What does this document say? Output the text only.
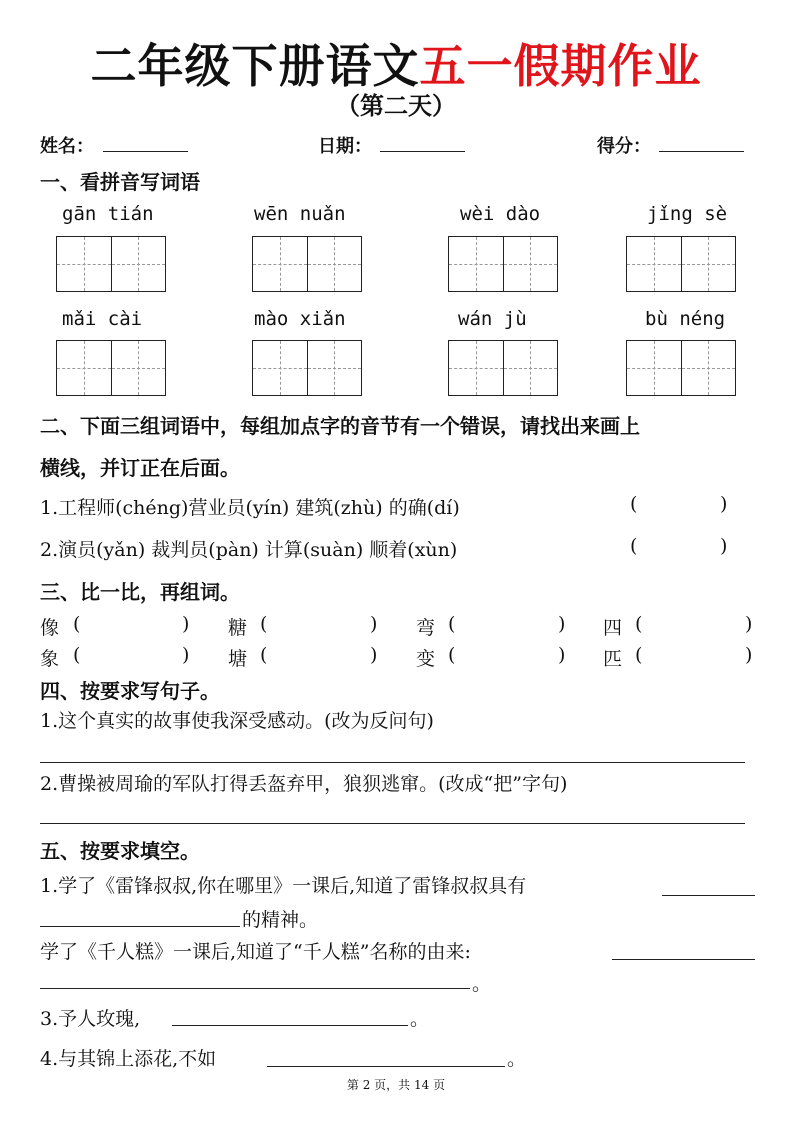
二年级下册语文五一假期作业
（第二天）
姓名：	日期：	得分：
一、看拼音写词语
gān tián	wēn nuǎn	wèi dào	jǐng sè
mǎi cài	mào xiǎn	wán jù	bù néng
二、下面三组词语中，每组加点字的音节有一个错误，请找出来画上
横线，并订正在后面。
1.工程师(chéng)营业员(yín) 建筑(zhù) 的确(dí)	(	)
2.演员(yǎn) 裁判员(pàn) 计算(suàn) 顺着(xùn)	(	)
三、比一比，再组词。
像 (	) 糖 (	) 弯 (	) 四 (	)
象 (	) 塘 (	) 变 (	) 匹 (	)
四、按要求写句子。
1.这个真实的故事使我深受感动。(改为反问句)
2.曹操被周瑜的军队打得丢盔弃甲，狼狈逃窜。(改成“把”字句)
五、按要求填空。
1.学了《雷锋叔叔,你在哪里》一课后,知道了雷锋叔叔具有
的精神。
学了《千人糕》一课后,知道了“千人糕”名称的由来:
。
3.予人玫瑰,	。
4.与其锦上添花,不如	。
第 2 页，共 14 页
